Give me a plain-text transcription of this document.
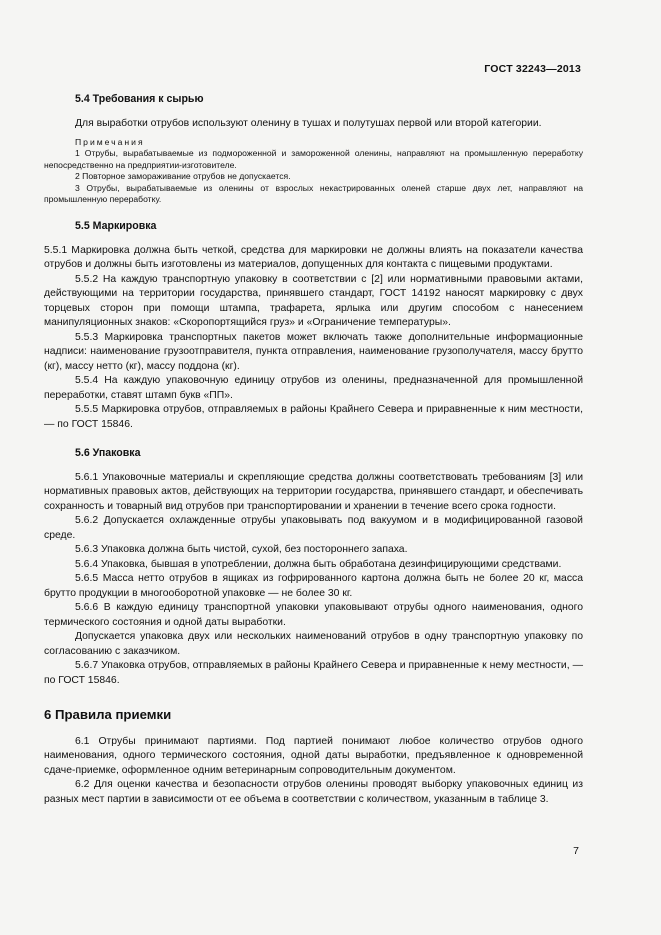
ГОСТ 32243—2013
5.4 Требования к сырью

Для выработки отрубов используют оленину в тушах и полутушах первой или второй категории.

Примечания

1 Отрубы, вырабатываемые из подмороженной и замороженной оленины, направляют на промышленную переработку непосредственно на предприятии-изготовителе.

2 Повторное замораживание отрубов не допускается.

3 Отрубы, вырабатываемые из оленины от взрослых некастрированных оленей старше двух лет, направляют на промышленную переработку.

5.5 Маркировка

5.5.1 Маркировка должна быть четкой, средства для маркировки не должны влиять на показатели качества отрубов и должны быть изготовлены из материалов, допущенных для контакта с пищевыми продуктами.

5.5.2 На каждую транспортную упаковку в соответствии с [2] или нормативными правовыми актами, действующими на территории государства, принявшего стандарт, ГОСТ 14192 наносят маркировку с двух торцевых сторон при помощи штампа, трафарета, ярлыка или другим способом с нанесением манипуляционных знаков: «Скоропортящийся груз» и «Ограничение температуры».

5.5.3 Маркировка транспортных пакетов может включать также дополнительные информационные надписи: наименование грузоотправителя, пункта отправления, наименование грузополучателя, массу брутто (кг), массу нетто (кг), массу поддона (кг).

5.5.4 На каждую упаковочную единицу отрубов из оленины, предназначенной для промышленной переработки, ставят штамп букв «ПП».

5.5.5 Маркировка отрубов, отправляемых в районы Крайнего Севера и приравненные к ним местности, — по ГОСТ 15846.

5.6 Упаковка

5.6.1 Упаковочные материалы и скрепляющие средства должны соответствовать требованиям [3] или нормативных правовых актов, действующих на территории государства, принявшего стандарт, и обеспечивать сохранность и товарный вид отрубов при транспортировании и хранении в течение всего срока годности.

5.6.2 Допускается охлажденные отрубы упаковывать под вакуумом и в модифицированной газовой среде.

5.6.3 Упаковка должна быть чистой, сухой, без постороннего запаха.

5.6.4 Упаковка, бывшая в употреблении, должна быть обработана дезинфицирующими средствами.

5.6.5 Масса нетто отрубов в ящиках из гофрированного картона должна быть не более 20 кг, масса брутто продукции в многооборотной упаковке — не более 30 кг.

5.6.6 В каждую единицу транспортной упаковки упаковывают отрубы одного наименования, одного термического состояния и одной даты выработки.

Допускается упаковка двух или нескольких наименований отрубов в одну транспортную упаковку по согласованию с заказчиком.

5.6.7 Упаковка отрубов, отправляемых в районы Крайнего Севера и приравненные к нему местности, — по ГОСТ 15846.

6 Правила приемки

6.1 Отрубы принимают партиями. Под партией понимают любое количество отрубов одного наименования, одного термического состояния, одной даты выработки, предъявленное к одновременной сдаче-приемке, оформленное одним ветеринарным сопроводительным документом.

6.2 Для оценки качества и безопасности отрубов оленины проводят выборку упаковочных единиц из разных мест партии в зависимости от ее объема в соответствии с количеством, указанным в таблице 3.

7
